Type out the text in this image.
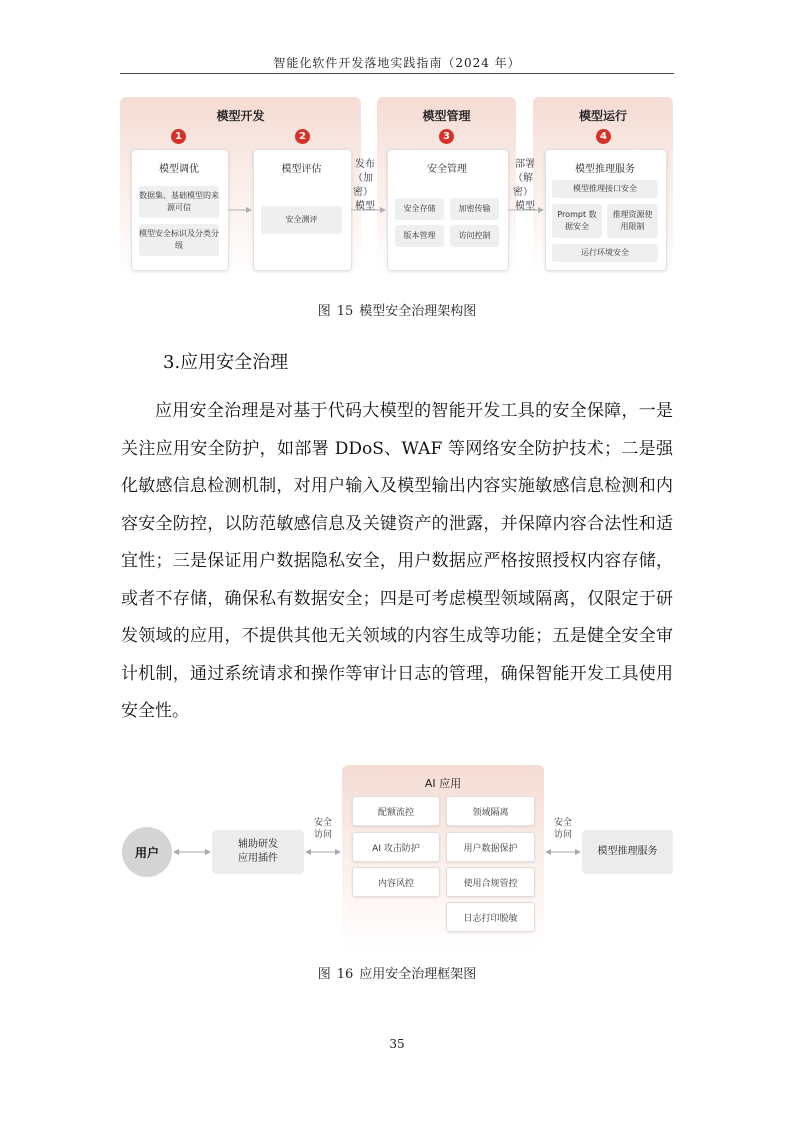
智能化软件开发落地实践指南（2024 年）
模型开发
1	2
模型管理
3
模型运行
4
模型调优
数据集、基础模型的来源可信
模型安全标识及分类分级
模型评估
安全测评
发布
（加密）
模型
安全管理
安全存储	加密传输
版本管理	访问控制
部署
（解密）
模型
模型推理服务
模型推理接口安全
Prompt 数据安全
推理资源使用限制
运行环境安全
图 15 模型安全治理架构图
3.应用安全治理

应用安全治理是对基于代码大模型的智能开发工具的安全保障，一是关注应用安全防护，如部署 DDoS、WAF 等网络安全防护技术；二是强化敏感信息检测机制，对用户输入及模型输出内容实施敏感信息检测和内容安全防控，以防范敏感信息及关键资产的泄露，并保障内容合法性和适宜性；三是保证用户数据隐私安全，用户数据应严格按照授权内容存储，或者不存储，确保私有数据安全；四是可考虑模型领域隔离，仅限定于研发领域的应用，不提供其他无关领域的内容生成等功能；五是健全安全审计机制，通过系统请求和操作等审计日志的管理，确保智能开发工具使用安全性。

用户
辅助研发
应用插件
安全
访问
AI 应用
配额流控
AI 攻击防护
内容风控
领域隔离
用户数据保护
使用合规管控
日志打印脱敏
安全
访问
模型推理服务
图 16 应用安全治理框架图
35
